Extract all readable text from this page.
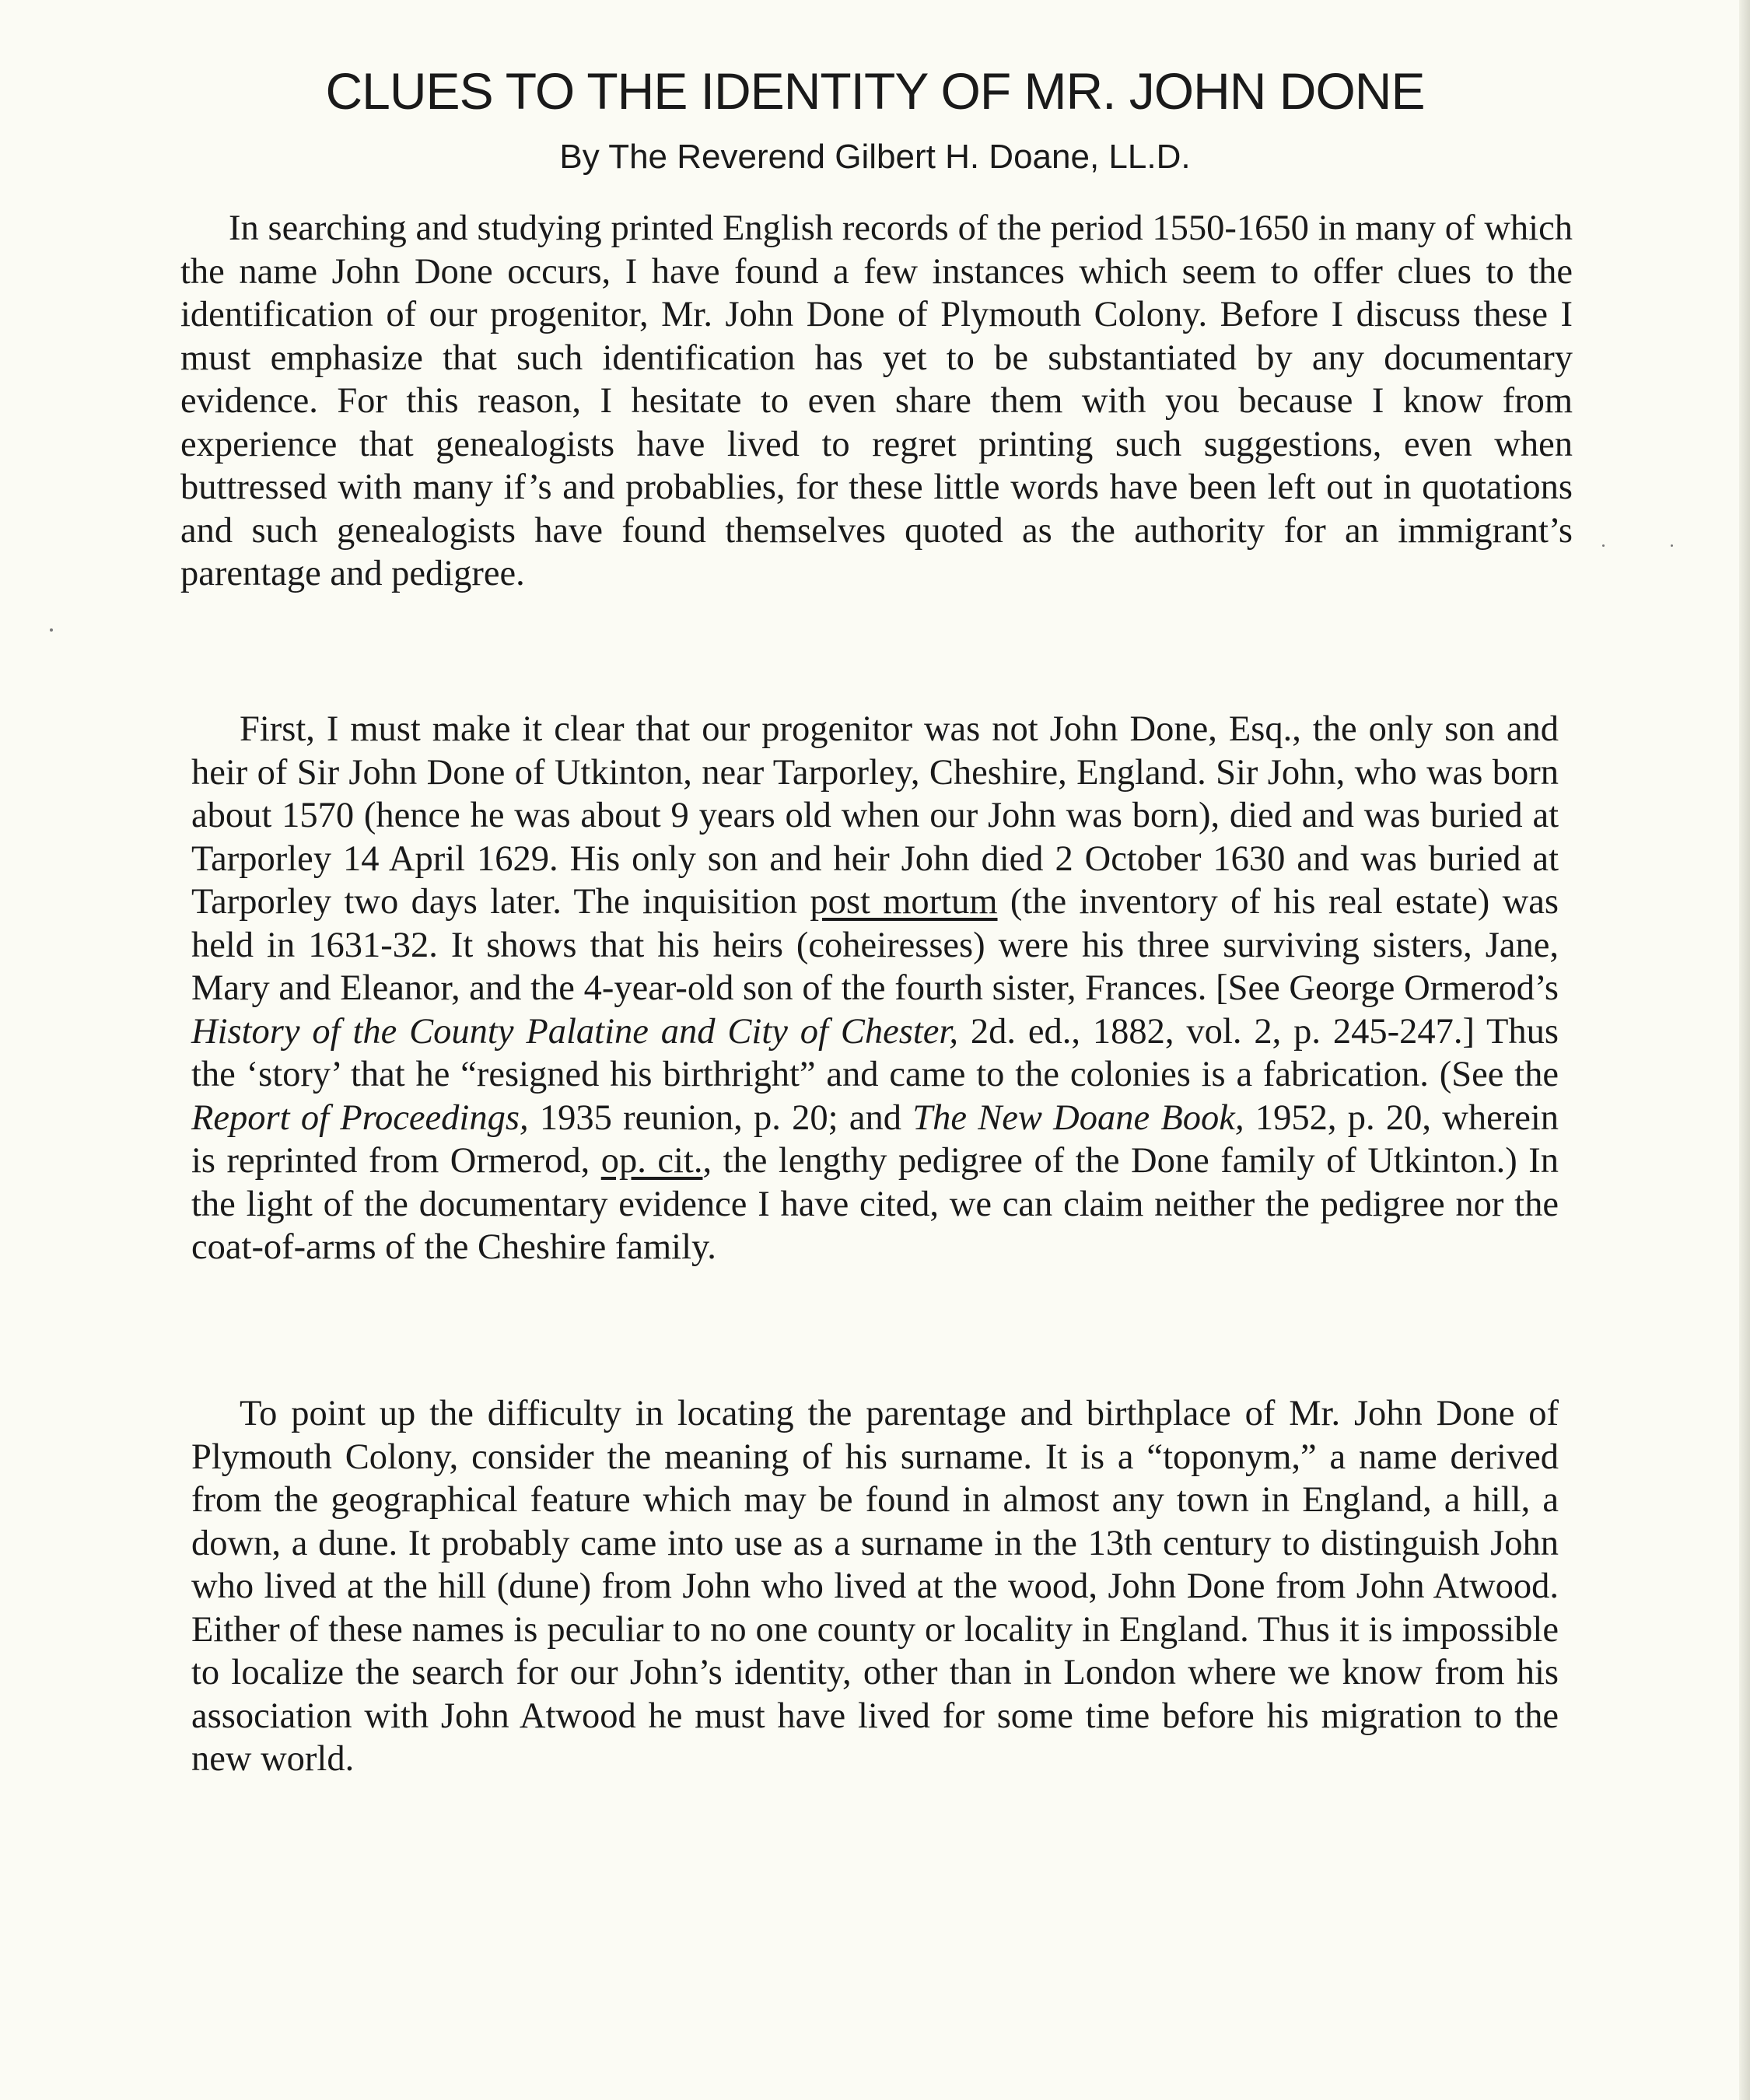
CLUES TO THE IDENTITY OF MR. JOHN DONE

By The Reverend Gilbert H. Doane, LL.D.

In searching and studying printed English records of the period 1550-1650 in many of which the name John Done occurs, I have found a few instances which seem to offer clues to the identification of our progenitor, Mr. John Done of Plymouth Colony. Before I discuss these I must emphasize that such identification has yet to be substantiated by any documentary evidence. For this reason, I hesitate to even share them with you because I know from experience that genealogists have lived to regret printing such suggestions, even when buttressed with many if’s and probablies, for these little words have been left out in quotations and such genealogists have found themselves quoted as the authority for an immigrant’s parentage and pedigree.

First, I must make it clear that our progenitor was not John Done, Esq., the only son and heir of Sir John Done of Utkinton, near Tarporley, Cheshire, England. Sir John, who was born about 1570 (hence he was about 9 years old when our John was born), died and was buried at Tarporley 14 April 1629. His only son and heir John died 2 October 1630 and was buried at Tarporley two days later. The inquisition post mortum (the inventory of his real estate) was held in 1631-32. It shows that his heirs (coheiresses) were his three surviving sisters, Jane, Mary and Eleanor, and the 4-year-old son of the fourth sister, Frances. [See George Ormerod’s History of the County Palatine and City of Chester, 2d. ed., 1882, vol. 2, p. 245-247.] Thus the ‘story’ that he “resigned his birthright” and came to the colonies is a fabrication. (See the Report of Proceedings, 1935 reunion, p. 20; and The New Doane Book, 1952, p. 20, wherein is reprinted from Ormerod, op. cit., the lengthy pedigree of the Done family of Utkinton.) In the light of the documentary evidence I have cited, we can claim neither the pedigree nor the coat-of-arms of the Cheshire family.

To point up the difficulty in locating the parentage and birthplace of Mr. John Done of Plymouth Colony, consider the meaning of his surname. It is a “toponym,” a name derived from the geographical feature which may be found in almost any town in England, a hill, a down, a dune. It probably came into use as a surname in the 13th century to distinguish John who lived at the hill (dune) from John who lived at the wood, John Done from John Atwood. Either of these names is peculiar to no one county or locality in England. Thus it is impossible to localize the search for our John’s identity, other than in London where we know from his association with John Atwood he must have lived for some time before his migration to the new world.
